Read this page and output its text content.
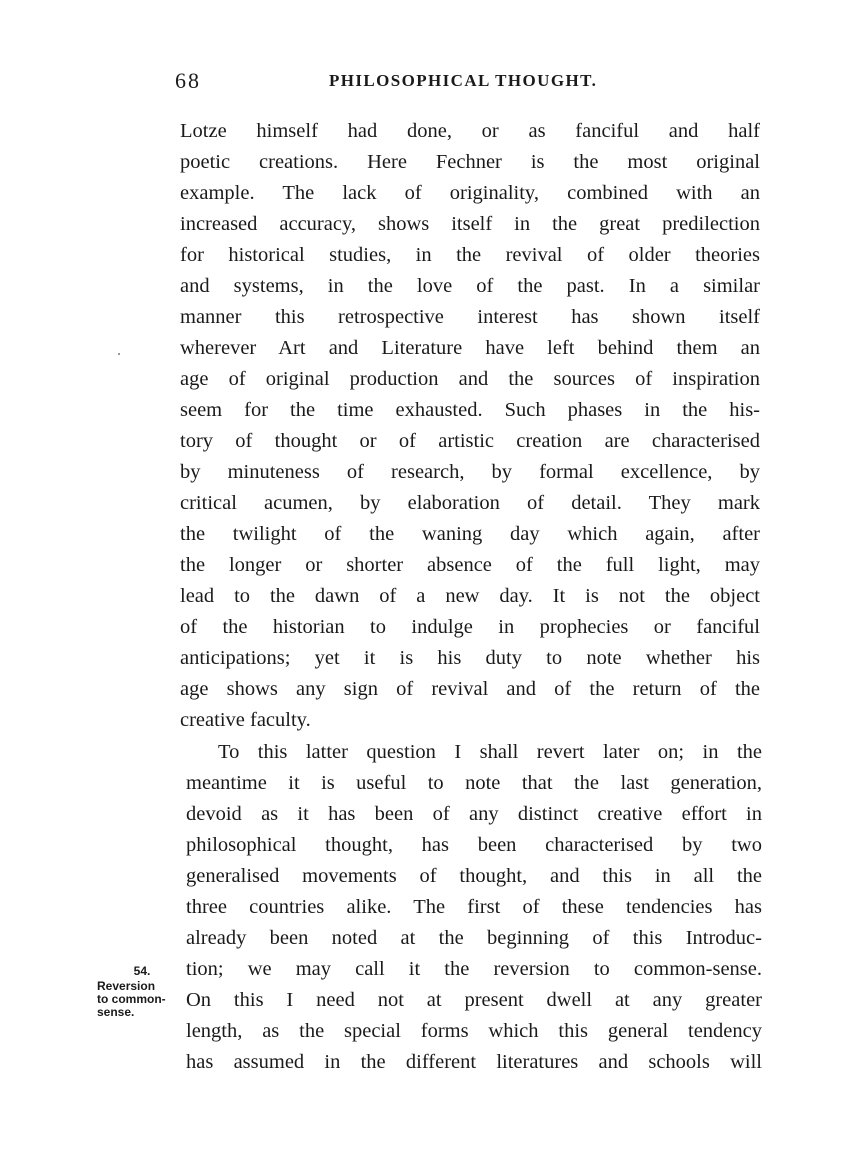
68	PHILOSOPHICAL THOUGHT.
Lotze himself had done, or as fanciful and half
poetic creations. Here Fechner is the most original
example. The lack of originality, combined with an
increased accuracy, shows itself in the great predilection
for historical studies, in the revival of older theories
and systems, in the love of the past. In a similar
manner this retrospective interest has shown itself
wherever Art and Literature have left behind them an
age of original production and the sources of inspiration
seem for the time exhausted. Such phases in the his-
tory of thought or of artistic creation are characterised
by minuteness of research, by formal excellence, by
critical acumen, by elaboration of detail. They mark
the twilight of the waning day which again, after
the longer or shorter absence of the full light, may
lead to the dawn of a new day. It is not the object
of the historian to indulge in prophecies or fanciful
anticipations; yet it is his duty to note whether his
age shows any sign of revival and of the return of the
creative faculty.
To this latter question I shall revert later on; in the
meantime it is useful to note that the last generation,
devoid as it has been of any distinct creative effort in
philosophical thought, has been characterised by two
generalised movements of thought, and this in all the
three countries alike. The first of these tendencies has
already been noted at the beginning of this Introduc-
tion; we may call it the reversion to common-sense.
On this I need not at present dwell at any greater
length, as the special forms which this general tendency
has assumed in the different literatures and schools will
54.
Reversion
to common-
sense.
